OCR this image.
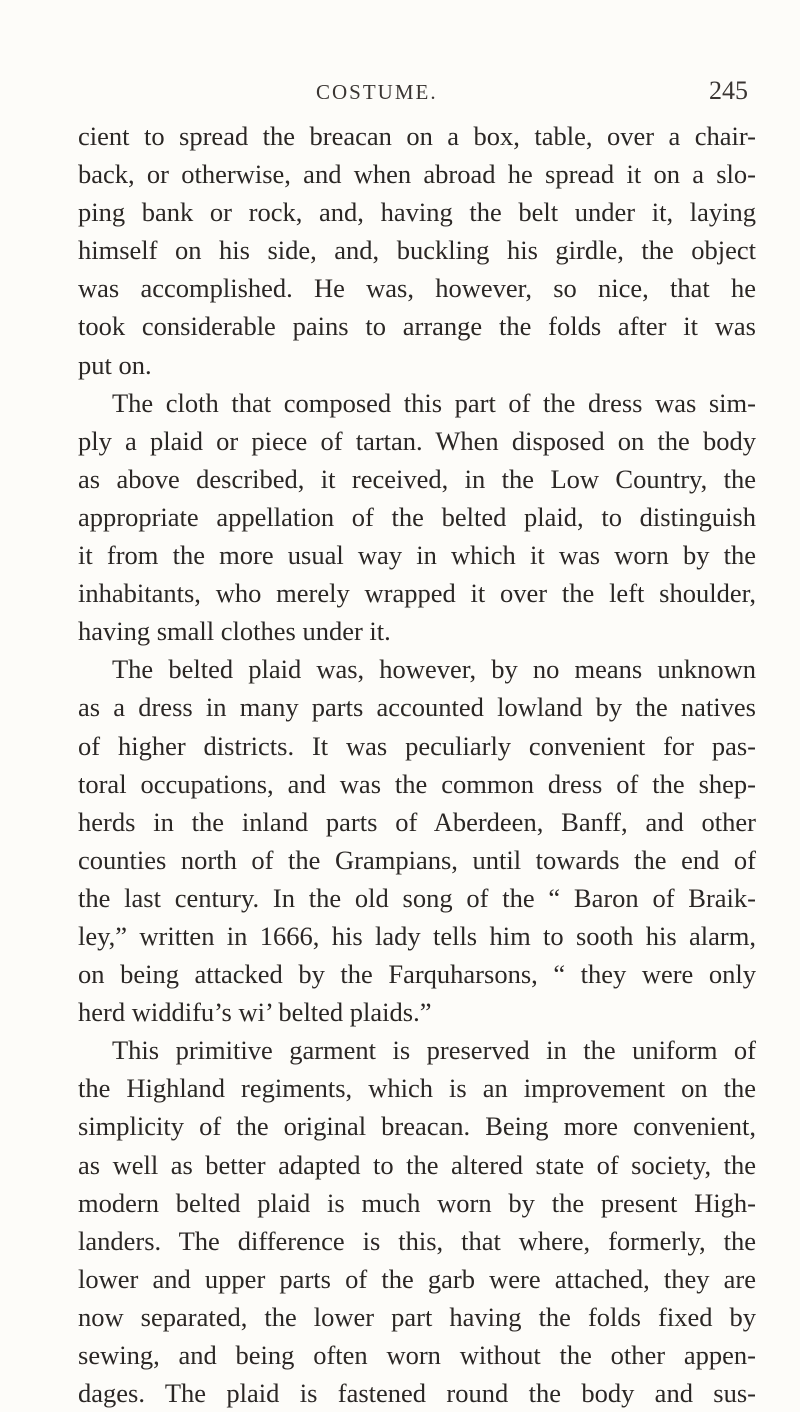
COSTUME.	245
cient to spread the breacan on a box, table, over a chair-
back, or otherwise, and when abroad he spread it on a slo-
ping bank or rock, and, having the belt under it, laying
himself on his side, and, buckling his girdle, the object
was accomplished. He was, however, so nice, that he
took considerable pains to arrange the folds after it was
put on.
The cloth that composed this part of the dress was sim-
ply a plaid or piece of tartan. When disposed on the body
as above described, it received, in the Low Country, the
appropriate appellation of the belted plaid, to distinguish
it from the more usual way in which it was worn by the
inhabitants, who merely wrapped it over the left shoulder,
having small clothes under it.
The belted plaid was, however, by no means unknown
as a dress in many parts accounted lowland by the natives
of higher districts. It was peculiarly convenient for pas-
toral occupations, and was the common dress of the shep-
herds in the inland parts of Aberdeen, Banff, and other
counties north of the Grampians, until towards the end of
the last century. In the old song of the “ Baron of Braik-
ley,” written in 1666, his lady tells him to sooth his alarm,
on being attacked by the Farquharsons, “ they were only
herd widdifu’s wi’ belted plaids.”
This primitive garment is preserved in the uniform of
the Highland regiments, which is an improvement on the
simplicity of the original breacan. Being more convenient,
as well as better adapted to the altered state of society, the
modern belted plaid is much worn by the present High-
landers. The difference is this, that where, formerly, the
lower and upper parts of the garb were attached, they are
now separated, the lower part having the folds fixed by
sewing, and being often worn without the other appen-
dages. The plaid is fastened round the body and sus-
